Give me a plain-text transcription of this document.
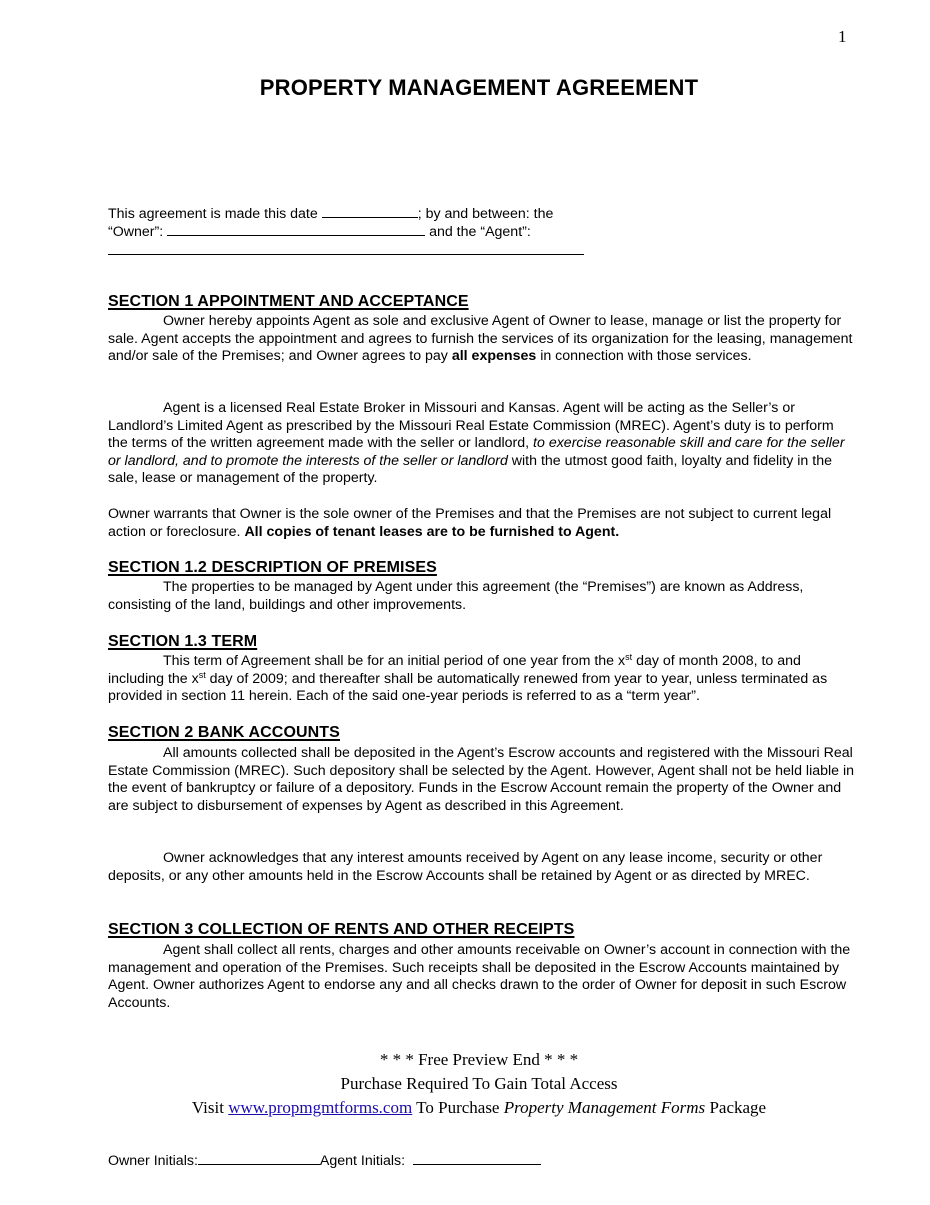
1
PROPERTY MANAGEMENT AGREEMENT
This agreement is made this date	; by and between: the
“Owner”:	and the “Agent”:
SECTION 1 APPOINTMENT AND ACCEPTANCE
Owner hereby appoints Agent as sole and exclusive Agent of Owner to lease, manage or list the property for sale. Agent accepts the appointment and agrees to furnish the services of its organization for the leasing, management and/or sale of the Premises; and Owner agrees to pay all expenses in connection with those services.
Agent is a licensed Real Estate Broker in Missouri and Kansas. Agent will be acting as the Seller’s or Landlord’s Limited Agent as prescribed by the Missouri Real Estate Commission (MREC). Agent’s duty is to perform the terms of the written agreement made with the seller or landlord, to exercise reasonable skill and care for the seller or landlord, and to promote the interests of the seller or landlord with the utmost good faith, loyalty and fidelity in the sale, lease or management of the property.
Owner warrants that Owner is the sole owner of the Premises and that the Premises are not subject to current legal action or foreclosure. All copies of tenant leases are to be furnished to Agent.
SECTION 1.2 DESCRIPTION OF PREMISES
The properties to be managed by Agent under this agreement (the “Premises”) are known as Address, consisting of the land, buildings and other improvements.
SECTION 1.3 TERM
This term of Agreement shall be for an initial period of one year from the $x^{st}$ day of month 2008, to and including the $x^{st}$ day of 2009; and thereafter shall be automatically renewed from year to year, unless terminated as provided in section 11 herein. Each of the said one-year periods is referred to as a “term year”.
SECTION 2 BANK ACCOUNTS
All amounts collected shall be deposited in the Agent’s Escrow accounts and registered with the Missouri Real Estate Commission (MREC). Such depository shall be selected by the Agent. However, Agent shall not be held liable in the event of bankruptcy or failure of a depository. Funds in the Escrow Account remain the property of the Owner and are subject to disbursement of expenses by Agent as described in this Agreement.
Owner acknowledges that any interest amounts received by Agent on any lease income, security or other deposits, or any other amounts held in the Escrow Accounts shall be retained by Agent or as directed by MREC.
SECTION 3 COLLECTION OF RENTS AND OTHER RECEIPTS
Agent shall collect all rents, charges and other amounts receivable on Owner’s account in connection with the management and operation of the Premises. Such receipts shall be deposited in the Escrow Accounts maintained by Agent. Owner authorizes Agent to endorse any and all checks drawn to the order of Owner for deposit in such Escrow Accounts.
* * * Free Preview End * * *
Purchase Required To Gain Total Access
Visit www.propmgmtforms.com To Purchase Property Management Forms Package
Owner Initials:	Agent Initials:
